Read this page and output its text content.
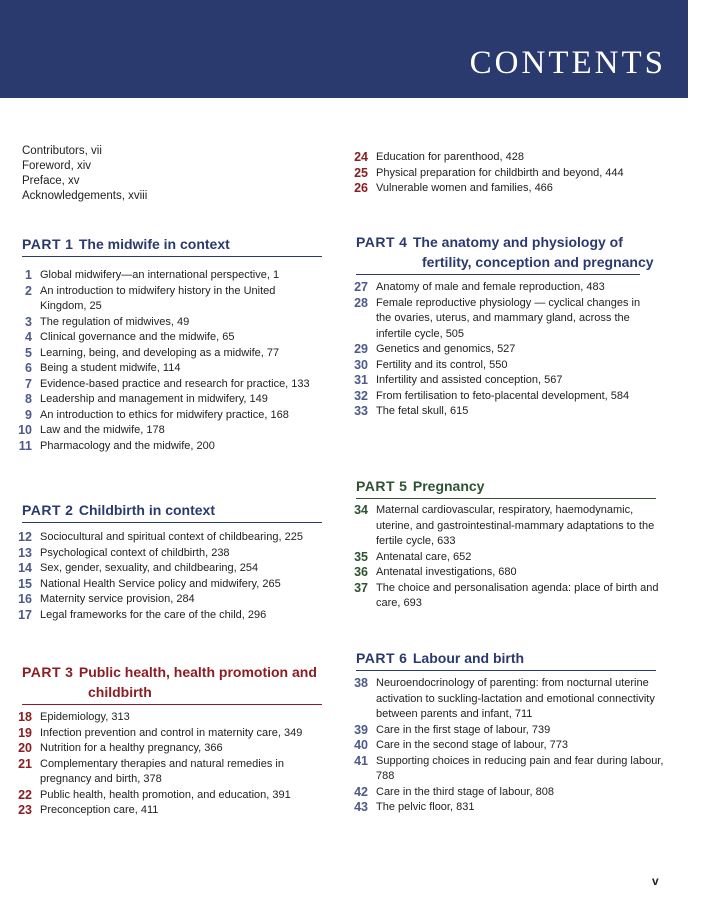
CONTENTS
Contributors, vii
Foreword, xiv
Preface, xv
Acknowledgements, xviii
PART 1 The midwife in context
1 Global midwifery—an international perspective, 1
2 An introduction to midwifery history in the United Kingdom, 25
3 The regulation of midwives, 49
4 Clinical governance and the midwife, 65
5 Learning, being, and developing as a midwife, 77
6 Being a student midwife, 114
7 Evidence-based practice and research for practice, 133
8 Leadership and management in midwifery, 149
9 An introduction to ethics for midwifery practice, 168
10 Law and the midwife, 178
11 Pharmacology and the midwife, 200
PART 2 Childbirth in context
12 Sociocultural and spiritual context of childbearing, 225
13 Psychological context of childbirth, 238
14 Sex, gender, sexuality, and childbearing, 254
15 National Health Service policy and midwifery, 265
16 Maternity service provision, 284
17 Legal frameworks for the care of the child, 296
PART 3 Public health, health promotion and
childbirth
18 Epidemiology, 313
19 Infection prevention and control in maternity care, 349
20 Nutrition for a healthy pregnancy, 366
21 Complementary therapies and natural remedies in pregnancy and birth, 378
22 Public health, health promotion, and education, 391
23 Preconception care, 411
24 Education for parenthood, 428
25 Physical preparation for childbirth and beyond, 444
26 Vulnerable women and families, 466
PART 4 The anatomy and physiology of
fertility, conception and pregnancy
27 Anatomy of male and female reproduction, 483
28 Female reproductive physiology — cyclical changes in the ovaries, uterus, and mammary gland, across the infertile cycle, 505
29 Genetics and genomics, 527
30 Fertility and its control, 550
31 Infertility and assisted conception, 567
32 From fertilisation to feto-placental development, 584
33 The fetal skull, 615
PART 5 Pregnancy
34 Maternal cardiovascular, respiratory, haemodynamic, uterine, and gastrointestinal-mammary adaptations to the fertile cycle, 633
35 Antenatal care, 652
36 Antenatal investigations, 680
37 The choice and personalisation agenda: place of birth and care, 693
PART 6 Labour and birth
38 Neuroendocrinology of parenting: from nocturnal uterine activation to suckling-lactation and emotional connectivity between parents and infant, 711
39 Care in the first stage of labour, 739
40 Care in the second stage of labour, 773
41 Supporting choices in reducing pain and fear during labour, 788
42 Care in the third stage of labour, 808
43 The pelvic floor, 831
v
